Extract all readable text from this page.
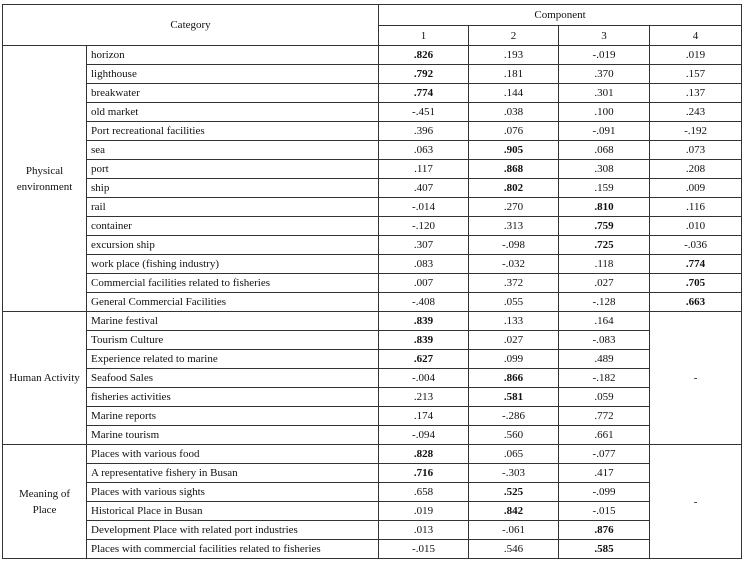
Category		Component			
		1	2	3	4
Physical environment	horizon	.826	.193	-.019	.019
	lighthouse	.792	.181	.370	.157
	breakwater	.774	.144	.301	.137
	old market	-.451	.038	.100	.243
	Port recreational facilities	.396	.076	-.091	-.192
	sea	.063	.905	.068	.073
	port	.117	.868	.308	.208
	ship	.407	.802	.159	.009
	rail	-.014	.270	.810	.116
	container	-.120	.313	.759	.010
	excursion ship	.307	-.098	.725	-.036
	work place (fishing industry)	.083	-.032	.118	.774
	Commercial facilities related to fisheries	.007	.372	.027	.705
	General Commercial Facilities	-.408	.055	-.128	.663
Human Activity	Marine festival	.839	.133	.164	-
	Tourism Culture	.839	.027	-.083	
	Experience related to marine	.627	.099	.489	
	Seafood Sales	-.004	.866	-.182	
	fisheries activities	.213	.581	.059	
	Marine reports	.174	-.286	.772	
	Marine tourism	-.094	.560	.661	
Meaning of Place	Places with various food	.828	.065	-.077	-
	A representative fishery in Busan	.716	-.303	.417	
	Places with various sights	.658	.525	-.099	
	Historical Place in Busan	.019	.842	-.015	
	Development Place with related port industries	.013	-.061	.876	
	Places with commercial facilities related to fisheries	-.015	.546	.585	
